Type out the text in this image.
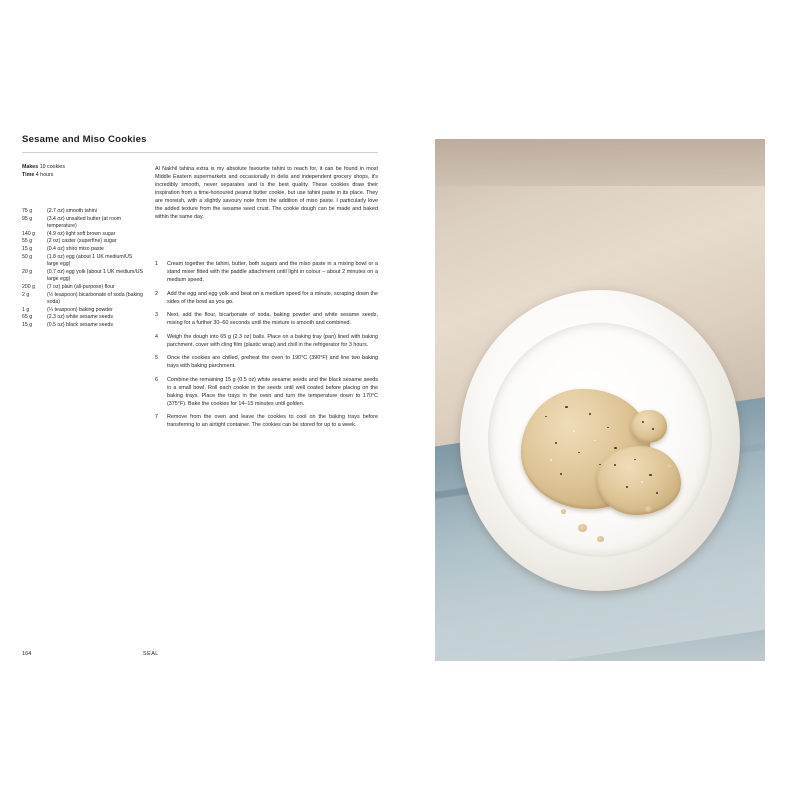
Sesame and Miso Cookies
Makes 19 cookies
Time 4 hours
75 g	(2.7 oz) smooth tahini
95 g	(3.4 oz) unsalted butter (at room temperature)
140 g	(4.9 oz) light soft brown sugar
55 g	(2 oz) caster (superfine) sugar
15 g	(0.4 oz) shiro miso paste
50 g	(1.8 oz) egg (about 1 UK medium/US large egg)
20 g	(0.7 oz) egg yolk (about 1 UK medium/US large egg)
200 g	(7 oz) plain (all-purpose) flour
2 g	(½ teaspoon) bicarbonate of soda (baking soda)
1 g	(¼ teaspoon) baking powder
65 g	(2.3 oz) white sesame seeds
15 g	(0.5 oz) black sesame seeds
Al Nakhil tahina extra is my absolute favourite tahini to reach for, it can be found in most Middle Eastern supermarkets and occasionally in delis and independent grocery shops, it's incredibly smooth, never separates and is the best quality. These cookies draw their inspiration from a time-honoured peanut butter cookie, but use tahini paste in its place. They are moreish, with a slightly savoury note from the addition of miso paste. I particularly love the added texture from the sesame seed crust. The cookie dough can be made and baked within the same day.
1	Cream together the tahini, butter, both sugars and the miso paste in a mixing bowl or a stand mixer fitted with the paddle attachment until light in colour – about 2 minutes on a medium speed.
2	Add the egg and egg yolk and beat on a medium speed for a minute, scraping down the sides of the bowl as you go.
3	Next, add the flour, bicarbonate of soda, baking powder and white sesame seeds, mixing for a further 30–60 seconds until the mixture is smooth and combined.
4	Weigh the dough into 65 g (2.3 oz) balls. Place on a baking tray (pan) lined with baking parchment, cover with cling film (plastic wrap) and chill in the refrigerator for 3 hours.
5	Once the cookies are chilled, preheat the oven to 190°C (390°F) and line two baking trays with baking parchment.
6	Combine the remaining 15 g (0.5 oz) white sesame seeds and the black sesame seeds in a small bowl. Roll each cookie in the seeds until well coated before placing on the baking trays. Place the trays in the oven and turn the temperature down to 170°C (375°F). Bake the cookies for 14–15 minutes until golden.
7	Remove from the oven and leave the cookies to cool on the baking trays before transferring to an airtight container. The cookies can be stored for up to a week.
164	SEAL
